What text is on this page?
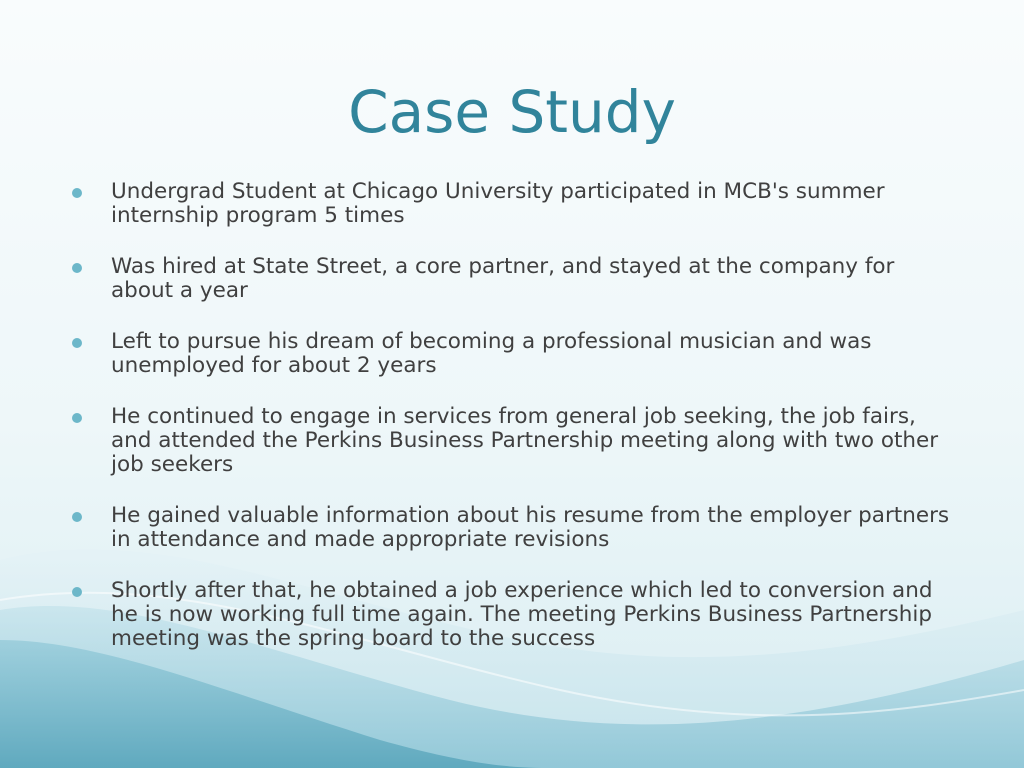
Case Study
Undergrad Student at Chicago University participated in MCB's summer internship program 5 times
Was hired at State Street, a core partner, and stayed at the company for about a year
Left to pursue his dream of becoming a professional musician and was unemployed for about 2 years
He continued to engage in services from general job seeking, the job fairs, and attended the Perkins Business Partnership meeting along with two other job seekers
He gained valuable information about his resume from the employer partners in attendance and made appropriate revisions
Shortly after that, he obtained a job experience which led to conversion and he is now working full time again. The meeting Perkins Business Partnership meeting was the spring board to the success
